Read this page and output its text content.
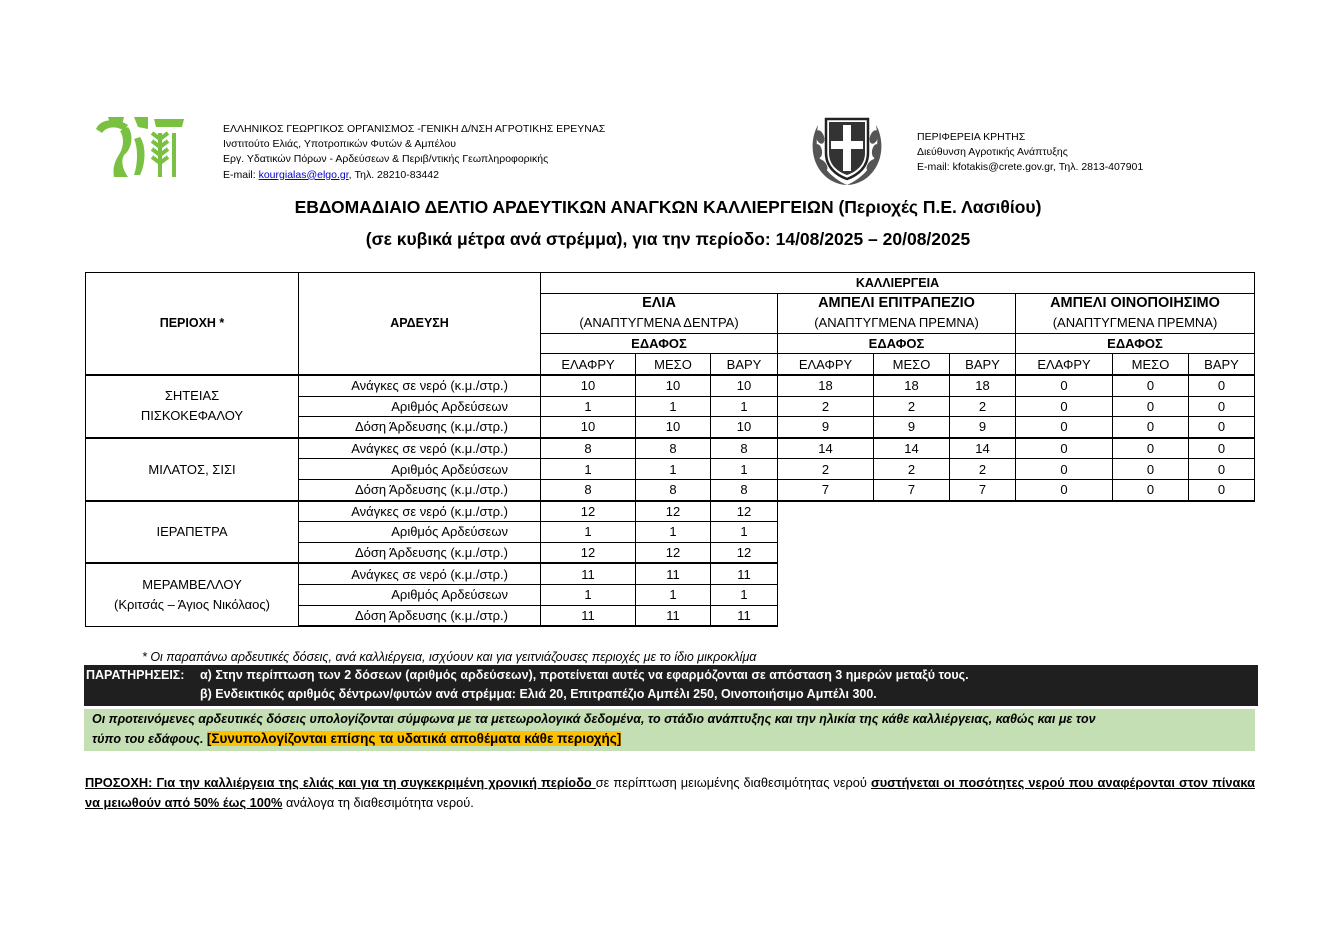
ΕΛΛΗΝΙΚΟΣ ΓΕΩΡΓΙΚΟΣ ΟΡΓΑΝΙΣΜΟΣ -ΓΕΝΙΚΗ Δ/ΝΣΗ ΑΓΡΟΤΙΚΗΣ ΕΡΕΥΝΑΣ
Ινστιτούτο Ελιάς, Υποτροπικών Φυτών & Αμπέλου
Εργ. Υδατικών Πόρων - Αρδεύσεων & Περιβ/ντικής Γεωπληροφορικής
E-mail: kourgialas@elgo.gr, Τηλ. 28210-83442
ΠΕΡΙΦΕΡΕΙΑ ΚΡΗΤΗΣ
Διεύθυνση Αγροτικής Ανάπτυξης
E-mail: kfotakis@crete.gov.gr, Τηλ. 2813-407901
ΕΒΔΟΜΑΔΙΑΙΟ ΔΕΛΤΙΟ ΑΡΔΕΥΤΙΚΩΝ ΑΝΑΓΚΩΝ ΚΑΛΛΙΕΡΓΕΙΩΝ (Περιοχές Π.Ε. Λασιθίου)
(σε κυβικά μέτρα ανά στρέμμα), για την περίοδο: 14/08/2025 – 20/08/2025
ΠΕΡΙΟΧΗ *	ΑΡΔΕΥΣΗ	ΚΑΛΛΙΕΡΓΕΙΑ								
		ΕΛΙΑ			ΑΜΠΕΛΙ ΕΠΙΤΡΑΠΕΖΙΟ			ΑΜΠΕΛΙ ΟΙΝΟΠΟΙΗΣΙΜΟ		
		(ΑΝΑΠΤΥΓΜΕΝΑ ΔΕΝΤΡΑ)			(ΑΝΑΠΤΥΓΜΕΝΑ ΠΡΕΜΝΑ)			(ΑΝΑΠΤΥΓΜΕΝΑ ΠΡΕΜΝΑ)		
		ΕΔΑΦΟΣ			ΕΔΑΦΟΣ			ΕΔΑΦΟΣ		
		ΕΛΑΦΡΥ	ΜΕΣΟ	ΒΑΡΥ	ΕΛΑΦΡΥ	ΜΕΣΟ	ΒΑΡΥ	ΕΛΑΦΡΥ	ΜΕΣΟ	ΒΑΡΥ
ΣΗΤΕΙΑΣ
ΠΙΣΚΟΚΕΦΑΛΟΥ	Ανάγκες σε νερό (κ.μ./στρ.)	10	10	10	18	18	18	0	0	0
	Αριθμός Αρδεύσεων	1	1	1	2	2	2	0	0	0
	Δόση Άρδευσης (κ.μ./στρ.)	10	10	10	9	9	9	0	0	0
ΜΙΛΑΤΟΣ, ΣΙΣΙ	Ανάγκες σε νερό (κ.μ./στρ.)	8	8	8	14	14	14	0	0	0
	Αριθμός Αρδεύσεων	1	1	1	2	2	2	0	0	0
	Δόση Άρδευσης (κ.μ./στρ.)	8	8	8	7	7	7	0	0	0
ΙΕΡΑΠΕΤΡΑ	Ανάγκες σε νερό (κ.μ./στρ.)	12	12	12						
	Αριθμός Αρδεύσεων	1	1	1						
	Δόση Άρδευσης (κ.μ./στρ.)	12	12	12						
ΜΕΡΑΜΒΕΛΛΟΥ
(Κριτσάς – Άγιος Νικόλαος)	Ανάγκες σε νερό (κ.μ./στρ.)	11	11	11						
	Αριθμός Αρδεύσεων	1	1	1						
	Δόση Άρδευσης (κ.μ./στρ.)	11	11	11						
* Οι παραπάνω αρδευτικές δόσεις, ανά καλλιέργεια, ισχύουν και για γειτνιάζουσες περιοχές με το ίδιο μικροκλίμα
ΠΑΡΑΤΗΡΗΣΕΙΣ: α) Στην περίπτωση των 2 δόσεων (αριθμός αρδεύσεων), προτείνεται αυτές να εφαρμόζονται σε απόσταση 3 ημερών μεταξύ τους.
β) Ενδεικτικός αριθμός δέντρων/φυτών ανά στρέμμα: Ελιά 20, Επιτραπέζιο Αμπέλι 250, Οινοποιήσιμο Αμπέλι 300.
Οι προτεινόμενες αρδευτικές δόσεις υπολογίζονται σύμφωνα με τα μετεωρολογικά δεδομένα, το στάδιο ανάπτυξης και την ηλικία της κάθε καλλιέργειας, καθώς και με τον
τύπο του εδάφους. [Συνυπολογίζονται επίσης τα υδατικά αποθέματα κάθε περιοχής]
ΠΡΟΣΟΧΗ: Για την καλλιέργεια της ελιάς και για τη συγκεκριμένη χρονική περίοδο σε περίπτωση μειωμένης διαθεσιμότητας νερού συστήνεται οι ποσότητες νερού που αναφέρονται στον πίνακα να μειωθούν από 50% έως 100% ανάλογα τη διαθεσιμότητα νερού.
